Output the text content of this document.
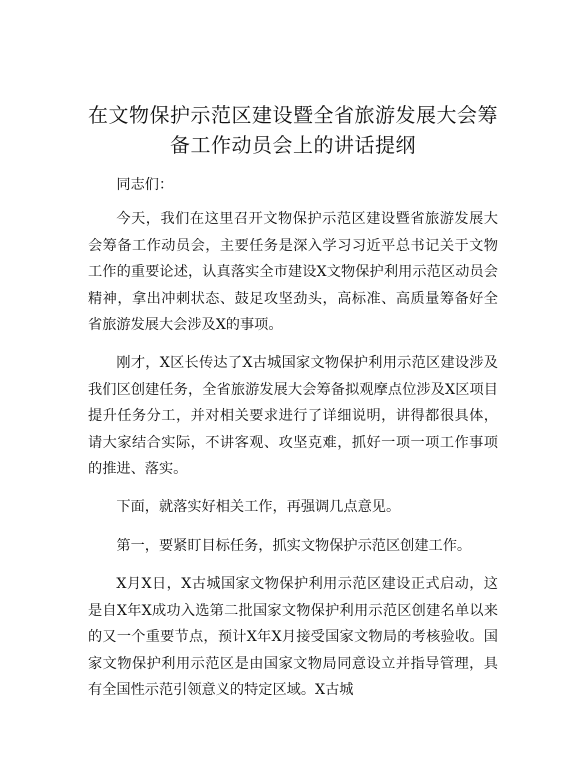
在文物保护示范区建设暨全省旅游发展大会筹
备工作动员会上的讲话提纲

同志们：

今天，我们在这里召开文物保护示范区建设暨省旅游发展大会筹备工作动员会，主要任务是深入学习习近平总书记关于文物工作的重要论述，认真落实全市建设X文物保护利用示范区动员会精神，拿出冲刺状态、鼓足攻坚劲头，高标准、高质量筹备好全省旅游发展大会涉及X的事项。

刚才，X区长传达了X古城国家文物保护利用示范区建设涉及我们区创建任务，全省旅游发展大会筹备拟观摩点位涉及X区项目提升任务分工，并对相关要求进行了详细说明，讲得都很具体，请大家结合实际，不讲客观、攻坚克难，抓好一项一项工作事项的推进、落实。

下面，就落实好相关工作，再强调几点意见。

第一，要紧盯目标任务，抓实文物保护示范区创建工作。

X月X日，X古城国家文物保护利用示范区建设正式启动，这是自X年X成功入选第二批国家文物保护利用示范区创建名单以来的又一个重要节点，预计X年X月接受国家文物局的考核验收。国家文物保护利用示范区是由国家文物局同意设立并指导管理，具有全国性示范引领意义的特定区域。X古城
